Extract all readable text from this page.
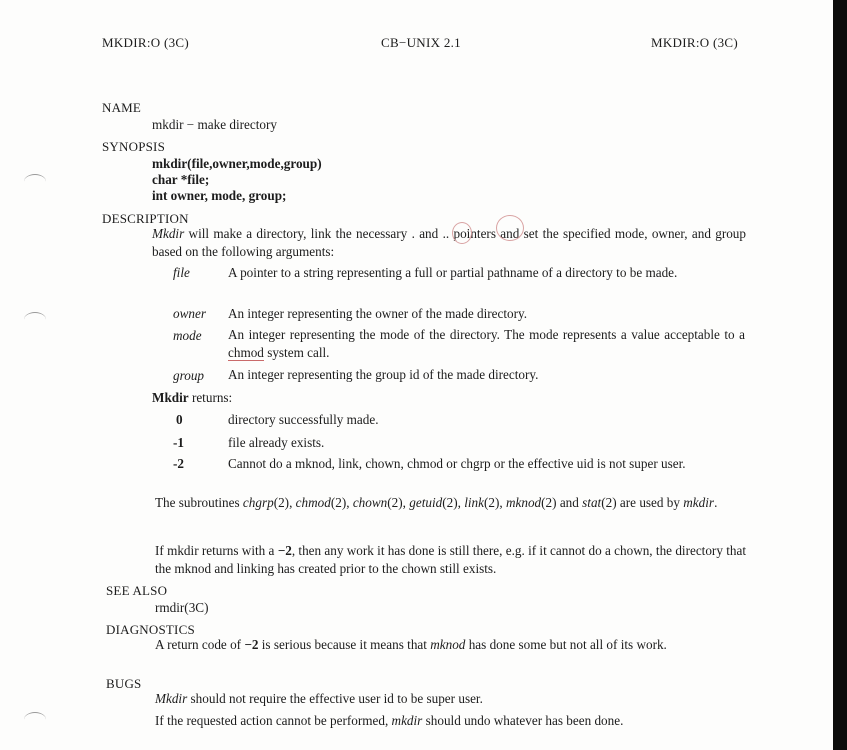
MKDIR:O (3C)	CB−UNIX 2.1	MKDIR:O (3C)
NAME
mkdir − make directory
SYNOPSIS
mkdir(file,owner,mode,group)
char *file;
int owner, mode, group;
DESCRIPTION
Mkdir will make a directory, link the necessary . and .. pointers and set the specified mode, owner, and group based on the following arguments:
file	A pointer to a string representing a full or partial pathname of a directory to be made.
owner An integer representing the owner of the made directory.
mode An integer representing the mode of the directory. The mode represents a value acceptable to a chmod system call.
group An integer representing the group id of the made directory.
Mkdir returns:
0	directory successfully made.
-1	file already exists.
-2	Cannot do a mknod, link, chown, chmod or chgrp or the effective uid is not super user.
The subroutines chgrp(2), chmod(2), chown(2), getuid(2), link(2), mknod(2) and stat(2) are used by mkdir.
If mkdir returns with a −2, then any work it has done is still there, e.g. if it cannot do a chown, the directory that the mknod and linking has created prior to the chown still exists.
SEE ALSO
rmdir(3C)
DIAGNOSTICS
A return code of −2 is serious because it means that mknod has done some but not all of its work.
BUGS
Mkdir should not require the effective user id to be super user.
If the requested action cannot be performed, mkdir should undo whatever has been done.
